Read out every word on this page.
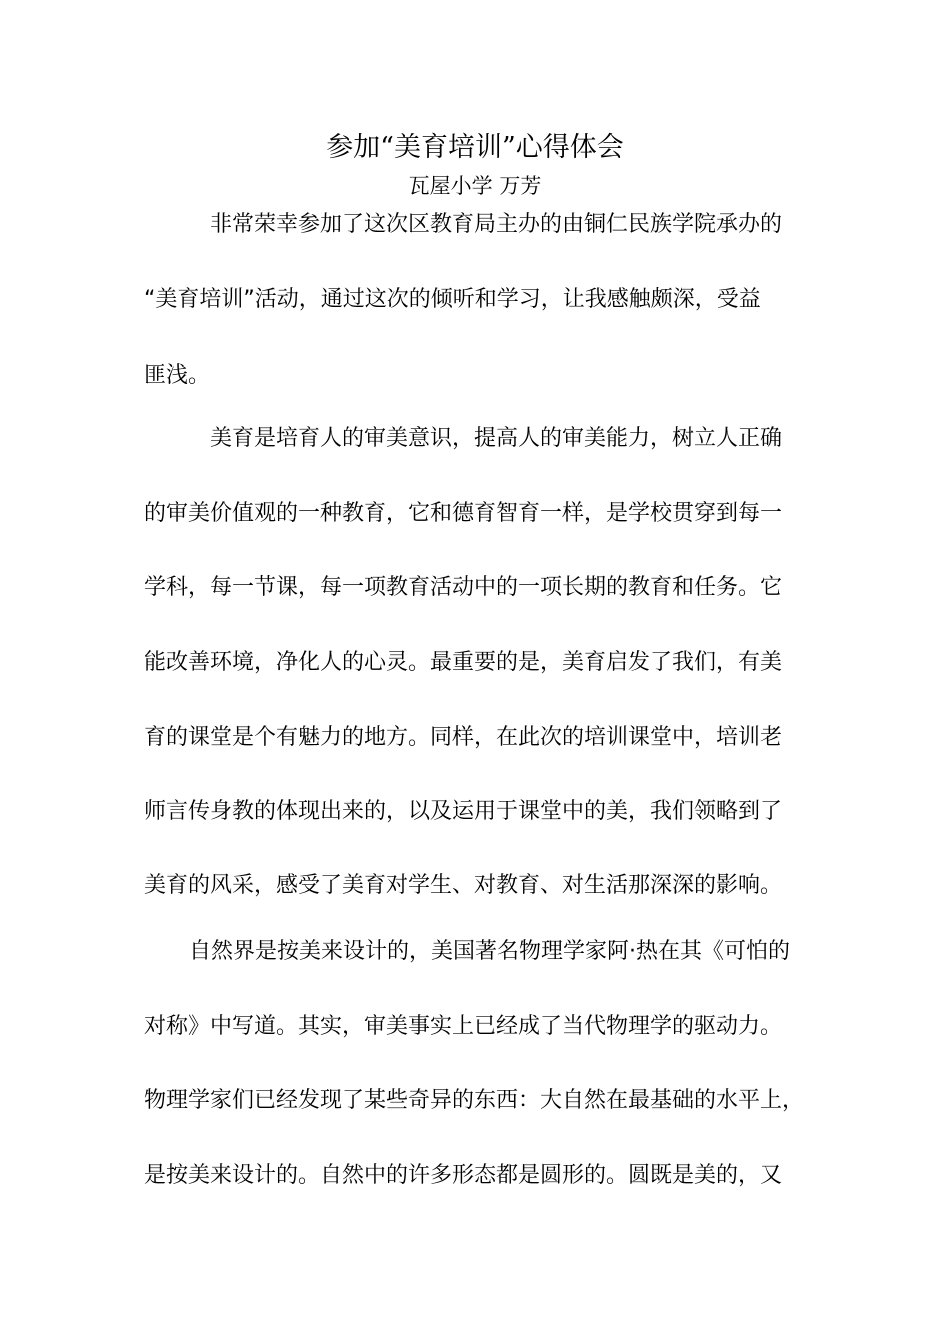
参加“美育培训”心得体会
瓦屋小学 万芳
非常荣幸参加了这次区教育局主办的由铜仁民族学院承办的
“美育培训”活动，通过这次的倾听和学习，让我感触颇深，受益
匪浅。
美育是培育人的审美意识，提高人的审美能力，树立人正确
的审美价值观的一种教育，它和德育智育一样，是学校贯穿到每一
学科，每一节课，每一项教育活动中的一项长期的教育和任务。它
能改善环境，净化人的心灵。最重要的是，美育启发了我们，有美
育的课堂是个有魅力的地方。同样，在此次的培训课堂中，培训老
师言传身教的体现出来的，以及运用于课堂中的美，我们领略到了
美育的风采，感受了美育对学生、对教育、对生活那深深的影响。
自然界是按美来设计的，美国著名物理学家阿·热在其《可怕的
对称》中写道。其实，审美事实上已经成了当代物理学的驱动力。
物理学家们已经发现了某些奇异的东西：大自然在最基础的水平上，
是按美来设计的。自然中的许多形态都是圆形的。圆既是美的，又
